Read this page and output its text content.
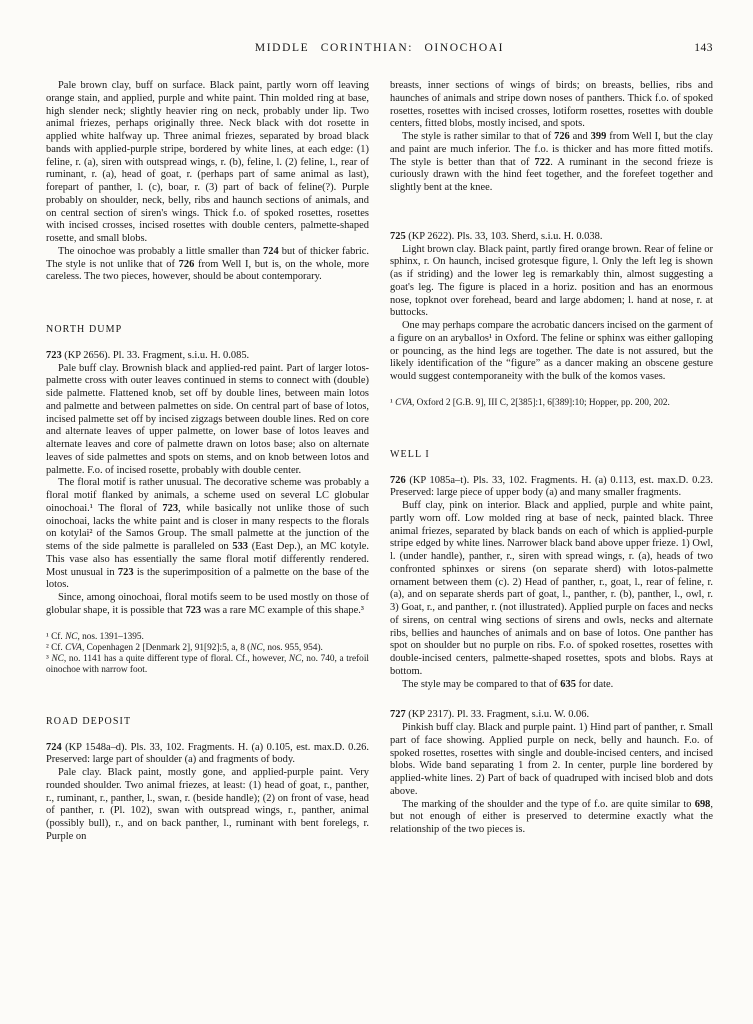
MIDDLE CORINTHIAN: OINOCHOAI	143

Pale brown clay, buff on surface. Black paint, partly worn off leaving orange stain, and applied, purple and white paint. Thin molded ring at base, high slender neck; slightly heavier ring on neck, probably under lip. Two animal friezes, perhaps originally three. Neck black with dot rosette in applied white halfway up. Three animal friezes, separated by broad black bands with applied-purple stripe, bordered by white lines, at each edge: (1) feline, r. (a), siren with outspread wings, r. (b), feline, l. (2) feline, l., rear of ruminant, r. (a), head of goat, r. (perhaps part of same animal as last), forepart of panther, l. (c), boar, r. (3) part of back of feline(?). Purple probably on shoulder, neck, belly, ribs and haunch sections of animals, and on central section of siren's wings. Thick f.o. of spoked rosettes, rosettes with incised crosses, incised rosettes with double centers, palmette-shaped rosette, and small blobs.

The oinochoe was probably a little smaller than 724 but of thicker fabric. The style is not unlike that of 726 from Well I, but is, on the whole, more careless. The two pieces, however, should be about contemporary.

NORTH DUMP

723 (KP 2656). Pl. 33. Fragment, s.i.u. H. 0.085.

Pale buff clay. Brownish black and applied-red paint. Part of larger lotos-palmette cross with outer leaves continued in stems to connect with (double) side palmette. Flattened knob, set off by double lines, between main lotos and palmette and between palmettes on side. On central part of base of lotos, incised palmette set off by incised zigzags between double lines. Red on core and alternate leaves of upper palmette, on lower base of lotos leaves and alternate leaves and core of palmette drawn on lotos base; also on alternate leaves of side palmettes and spots on stems, and on knob between lotos and palmette. F.o. of incised rosette, probably with double center.

The floral motif is rather unusual. The decorative scheme was probably a floral motif flanked by animals, a scheme used on several LC globular oinochoai.¹ The floral of 723, while basically not unlike those of such oinochoai, lacks the white paint and is closer in many respects to the florals on kotylai² of the Samos Group. The small palmette at the junction of the stems of the side palmette is paralleled on 533 (East Dep.), an MC kotyle. This vase also has essentially the same floral motif differently rendered. Most unusual in 723 is the superimposition of a palmette on the base of the lotos.

Since, among oinochoai, floral motifs seem to be used mostly on those of globular shape, it is possible that 723 was a rare MC example of this shape.³

¹ Cf. NC, nos. 1391–1395.

² Cf. CVA, Copenhagen 2 [Denmark 2], 91[92]:5, a, 8 (NC, nos. 955, 954).

³ NC, no. 1141 has a quite different type of floral. Cf., however, NC, no. 740, a trefoil oinochoe with narrow foot.

ROAD DEPOSIT

724 (KP 1548a–d). Pls. 33, 102. Fragments. H. (a) 0.105, est. max.D. 0.26. Preserved: large part of shoulder (a) and fragments of body.

Pale clay. Black paint, mostly gone, and applied-purple paint. Very rounded shoulder. Two animal friezes, at least: (1) head of goat, r., panther, r., ruminant, r., panther, l., swan, r. (beside handle); (2) on front of vase, head of panther, r. (Pl. 102), swan with outspread wings, r., panther, animal (possibly bull), r., and on back panther, l., ruminant with bent forelegs, r. Purple on

breasts, inner sections of wings of birds; on breasts, bellies, ribs and haunches of animals and stripe down noses of panthers. Thick f.o. of spoked rosettes, rosettes with incised crosses, lotiform rosettes, rosettes with double centers, fitted blobs, mostly incised, and spots.

The style is rather similar to that of 726 and 399 from Well I, but the clay and paint are much inferior. The f.o. is thicker and has more fitted motifs. The style is better than that of 722. A ruminant in the second frieze is curiously drawn with the hind feet together, and the forefeet together and slightly bent at the knee.

725 (KP 2622). Pls. 33, 103. Sherd, s.i.u. H. 0.038.

Light brown clay. Black paint, partly fired orange brown. Rear of feline or sphinx, r. On haunch, incised grotesque figure, l. Only the left leg is shown (as if striding) and the lower leg is remarkably thin, almost suggesting a goat's leg. The figure is placed in a horiz. position and has an enormous nose, topknot over forehead, beard and large abdomen; l. hand at nose, r. at buttocks.

One may perhaps compare the acrobatic dancers incised on the garment of a figure on an aryballos¹ in Oxford. The feline or sphinx was either galloping or pouncing, as the hind legs are together. The date is not assured, but the likely identification of the “figure” as a dancer making an obscene gesture would suggest contemporaneity with the bulk of the komos vases.

¹ CVA, Oxford 2 [G.B. 9], III C, 2[385]:1, 6[389]:10; Hopper, pp. 200, 202.

WELL I

726 (KP 1085a–t). Pls. 33, 102. Fragments. H. (a) 0.113, est. max.D. 0.23. Preserved: large piece of upper body (a) and many smaller fragments.

Buff clay, pink on interior. Black and applied, purple and white paint, partly worn off. Low molded ring at base of neck, painted black. Three animal friezes, separated by black bands on each of which is applied-purple stripe edged by white lines. Narrower black band above upper frieze. 1) Owl, l. (under handle), panther, r., siren with spread wings, r. (a), heads of two confronted sphinxes or sirens (on separate sherd) with lotos-palmette ornament between them (c). 2) Head of panther, r., goat, l., rear of feline, r. (a), and on separate sherds part of goat, l., panther, r. (b), panther, l., owl, r. 3) Goat, r., and panther, r. (not illustrated). Applied purple on faces and necks of sirens, on central wing sections of sirens and owls, necks and alternate ribs, bellies and haunches of animals and on base of lotos. One panther has spot on shoulder but no purple on ribs. F.o. of spoked rosettes, rosettes with double-incised centers, palmette-shaped rosettes, spots and blobs. Rays at bottom.

The style may be compared to that of 635 for date.

727 (KP 2317). Pl. 33. Fragment, s.i.u. W. 0.06.

Pinkish buff clay. Black and purple paint. 1) Hind part of panther, r. Small part of face showing. Applied purple on neck, belly and haunch. F.o. of spoked rosettes, rosettes with single and double-incised centers, and incised blobs. Wide band separating 1 from 2. In center, purple line bordered by applied-white lines. 2) Part of back of quadruped with incised blob and dots above.

The marking of the shoulder and the type of f.o. are quite similar to 698, but not enough of either is preserved to determine exactly what the relationship of the two pieces is.
